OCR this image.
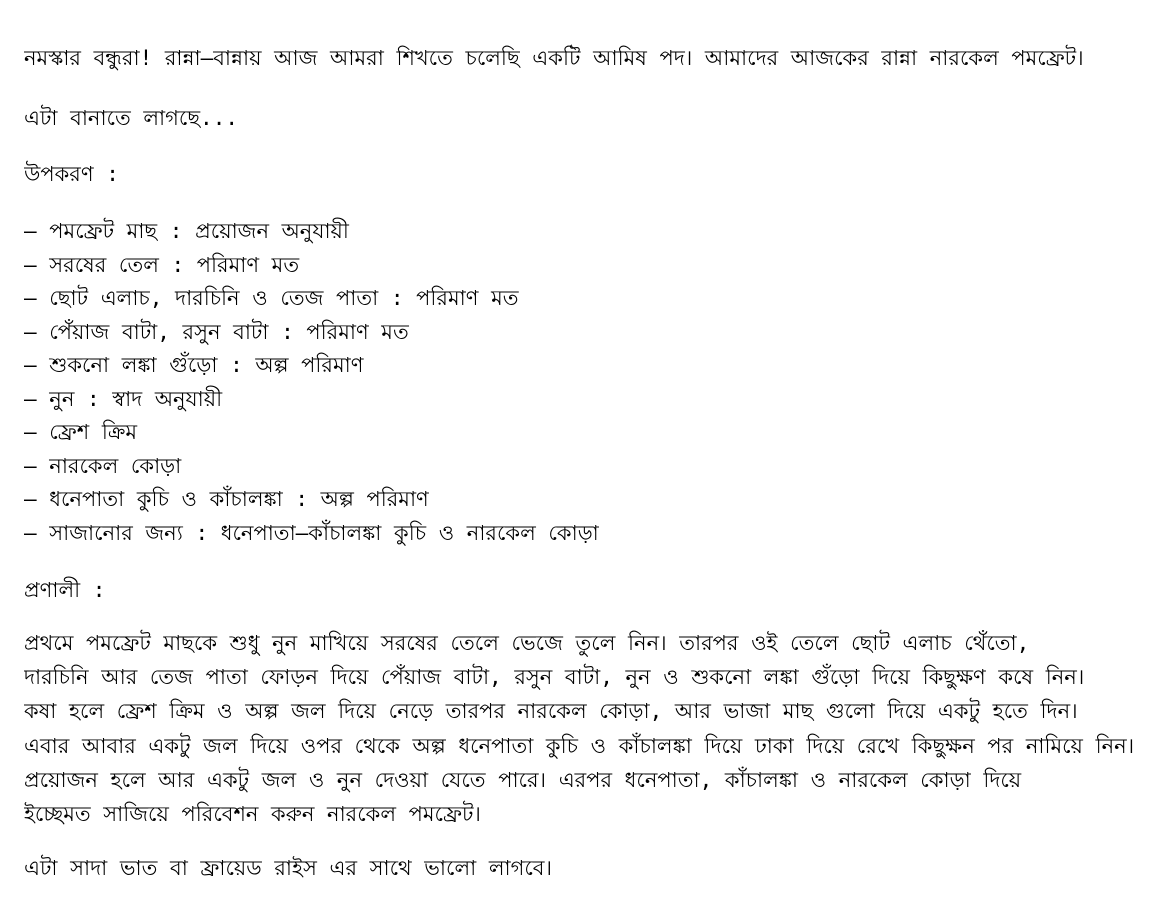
নমস্কার বন্ধুরা! রান্না–বান্নায় আজ আমরা শিখতে চলেছি একটি আমিষ পদ। আমাদের আজকের রান্না নারকেল পমফ্রেট।
এটা বানাতে লাগছে...
উপকরণ :
– পমফ্রেট মাছ : প্রয়োজন অনুযায়ী
– সরষের তেল : পরিমাণ মত
– ছোট এলাচ, দারচিনি ও তেজ পাতা : পরিমাণ মত
– পেঁয়াজ বাটা, রসুন বাটা : পরিমাণ মত
– শুকনো লঙ্কা গুঁড়ো : অল্প পরিমাণ
– নুন : স্বাদ অনুযায়ী
– ফ্রেশ ক্রিম
– নারকেল কোড়া
– ধনেপাতা কুচি ও কাঁচালঙ্কা : অল্প পরিমাণ
– সাজানোর জন্য : ধনেপাতা–কাঁচালঙ্কা কুচি ও নারকেল কোড়া
প্রণালী :
প্রথমে পমফ্রেট মাছকে শুধু নুন মাখিয়ে সরষের তেলে ভেজে তুলে নিন। তারপর ওই তেলে ছোট এলাচ থেঁতো,
দারচিনি আর তেজ পাতা ফোড়ন দিয়ে পেঁয়াজ বাটা, রসুন বাটা, নুন ও শুকনো লঙ্কা গুঁড়ো দিয়ে কিছুক্ষণ কষে নিন।
কষা হলে ফ্রেশ ক্রিম ও অল্প জল দিয়ে নেড়ে তারপর নারকেল কোড়া, আর ভাজা মাছ গুলো দিয়ে একটু হতে দিন।
এবার আবার একটু জল দিয়ে ওপর থেকে অল্প ধনেপাতা কুচি ও কাঁচালঙ্কা দিয়ে ঢাকা দিয়ে রেখে কিছুক্ষন পর নামিয়ে নিন।
প্রয়োজন হলে আর একটু জল ও নুন দেওয়া যেতে পারে। এরপর ধনেপাতা, কাঁচালঙ্কা ও নারকেল কোড়া দিয়ে
ইচ্ছেমত সাজিয়ে পরিবেশন করুন নারকেল পমফ্রেট।
এটা সাদা ভাত বা ফ্রায়েড রাইস এর সাথে ভালো লাগবে।
